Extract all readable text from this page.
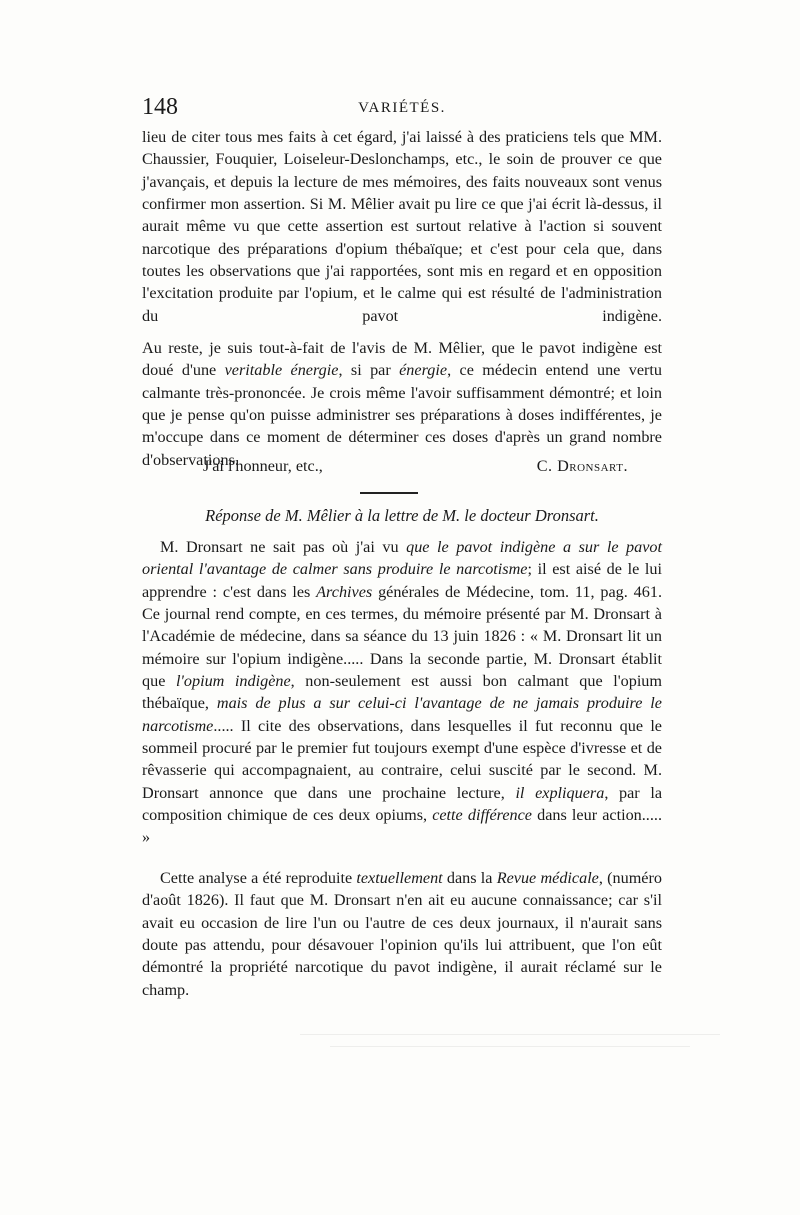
148	VARIÉTÉS.

lieu de citer tous mes faits à cet égard, j'ai laissé à des praticiens tels que MM. Chaussier, Fouquier, Loiseleur-Deslonchamps, etc., le soin de prouver ce que j'avançais, et depuis la lecture de mes mémoires, des faits nouveaux sont venus confirmer mon assertion. Si M. Mêlier avait pu lire ce que j'ai écrit là-dessus, il aurait même vu que cette assertion est surtout relative à l'action si souvent narcotique des préparations d'opium thébaïque; et c'est pour cela que, dans toutes les observations que j'ai rapportées, sont mis en regard et en opposition l'excitation produite par l'opium, et le calme qui est résulté de l'administration du pavot indigène.

Au reste, je suis tout-à-fait de l'avis de M. Mêlier, que le pavot indigène est doué d'une veritable énergie, si par énergie, ce médecin entend une vertu calmante très-prononcée. Je crois même l'avoir suffisamment démontré; et loin que je pense qu'on puisse administrer ses préparations à doses indifférentes, je m'occupe dans ce moment de déterminer ces doses d'après un grand nombre d'observations.

J'ai l'honneur, etc.,	C. Dronsart.
Réponse de M. Mêlier à la lettre de M. le docteur Dronsart.

M. Dronsart ne sait pas où j'ai vu que le pavot indigène a sur le pavot oriental l'avantage de calmer sans produire le narcotisme; il est aisé de le lui apprendre : c'est dans les Archives générales de Médecine, tom. 11, pag. 461. Ce journal rend compte, en ces termes, du mémoire présenté par M. Dronsart à l'Académie de médecine, dans sa séance du 13 juin 1826 : « M. Dronsart lit un mémoire sur l'opium indigène..... Dans la seconde partie, M. Dronsart établit que l'opium indigène, non-seulement est aussi bon calmant que l'opium thébaïque, mais de plus a sur celui-ci l'avantage de ne jamais produire le narcotisme..... Il cite des observations, dans lesquelles il fut reconnu que le sommeil procuré par le premier fut toujours exempt d'une espèce d'ivresse et de rêvasserie qui accompagnaient, au contraire, celui suscité par le second. M. Dronsart annonce que dans une prochaine lecture, il expliquera, par la composition chimique de ces deux opiums, cette différence dans leur action..... »

Cette analyse a été reproduite textuellement dans la Revue médicale, (numéro d'août 1826). Il faut que M. Dronsart n'en ait eu aucune connaissance; car s'il avait eu occasion de lire l'un ou l'autre de ces deux journaux, il n'aurait sans doute pas attendu, pour désavouer l'opinion qu'ils lui attribuent, que l'on eût démontré la propriété narcotique du pavot indigène, il aurait réclamé sur le champ.
